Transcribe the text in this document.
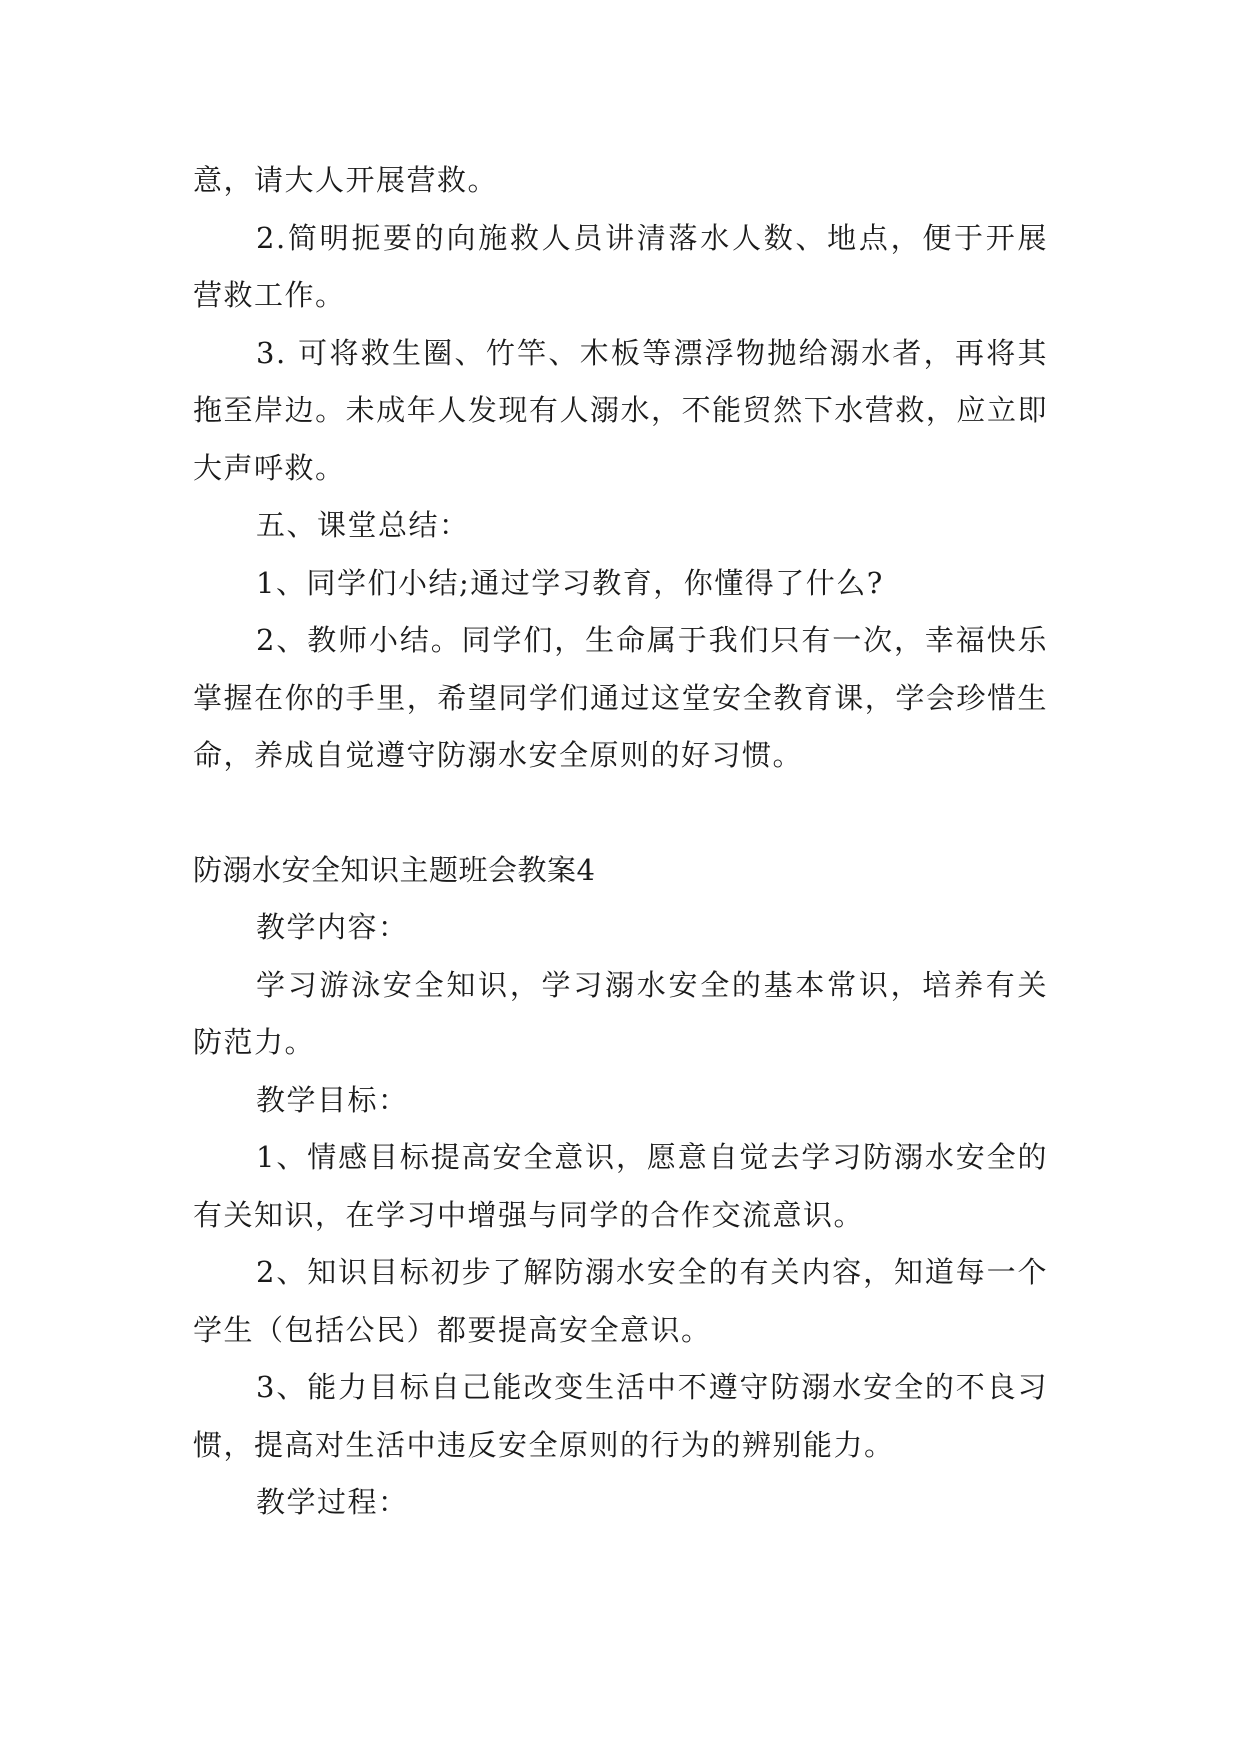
意，请大人开展营救。

2.简明扼要的向施救人员讲清落水人数、地点，便于开展营救工作。

3. 可将救生圈、竹竿、木板等漂浮物抛给溺水者，再将其拖至岸边。未成年人发现有人溺水，不能贸然下水营救，应立即大声呼救。

五、课堂总结：

1、同学们小结;通过学习教育，你懂得了什么?

2、教师小结。同学们，生命属于我们只有一次，幸福快乐掌握在你的手里，希望同学们通过这堂安全教育课，学会珍惜生命，养成自觉遵守防溺水安全原则的好习惯。

防溺水安全知识主题班会教案4

教学内容：

学习游泳安全知识，学习溺水安全的基本常识，培养有关防范力。

教学目标：

1、情感目标提高安全意识，愿意自觉去学习防溺水安全的有关知识，在学习中增强与同学的合作交流意识。

2、知识目标初步了解防溺水安全的有关内容，知道每一个学生（包括公民）都要提高安全意识。

3、能力目标自己能改变生活中不遵守防溺水安全的不良习惯，提高对生活中违反安全原则的行为的辨别能力。

教学过程：
